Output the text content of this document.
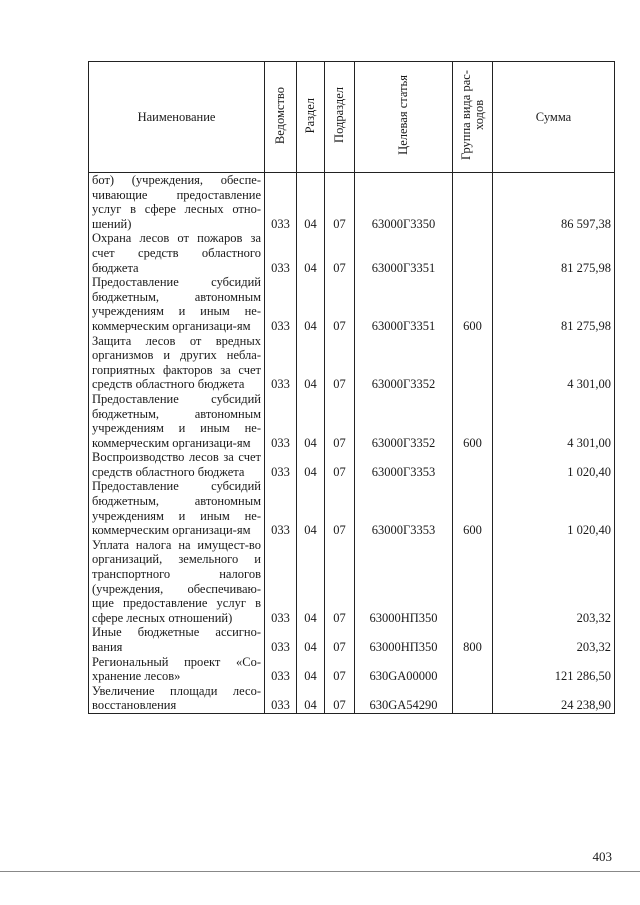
Наименование	Ведомство	Раздел	Подраздел	Целевая статья	Группа вида рас-ходов	Сумма
бот) (учреждения, обеспе-чивающие предоставление услуг в сфере лесных отно-шений)	033	04	07	63000Г3350		86 597,38
Охрана лесов от пожаров за счет средств областного бюджета	033	04	07	63000Г3351		81 275,98
Предоставление субсидий бюджетным, автономным учреждениям и иным не-коммерческим организаци-ям	033	04	07	63000Г3351	600	81 275,98
Защита лесов от вредных организмов и других небла-гоприятных факторов за счет средств областного бюджета	033	04	07	63000Г3352		4 301,00
Предоставление субсидий бюджетным, автономным учреждениям и иным не-коммерческим организаци-ям	033	04	07	63000Г3352	600	4 301,00
Воспроизводство лесов за счет средств областного бюджета	033	04	07	63000Г3353		1 020,40
Предоставление субсидий бюджетным, автономным учреждениям и иным не-коммерческим организаци-ям	033	04	07	63000Г3353	600	1 020,40
Уплата налога на имущест-во организаций, земельного и транспортного налогов (учреждения, обеспечиваю-щие предоставление услуг в сфере лесных отношений)	033	04	07	63000НП350		203,32
Иные бюджетные ассигно-вания	033	04	07	63000НП350	800	203,32
Региональный проект «Со-хранение лесов»	033	04	07	630GA00000		121 286,50
Увеличение площади лесо-восстановления	033	04	07	630GA54290		24 238,90
403
